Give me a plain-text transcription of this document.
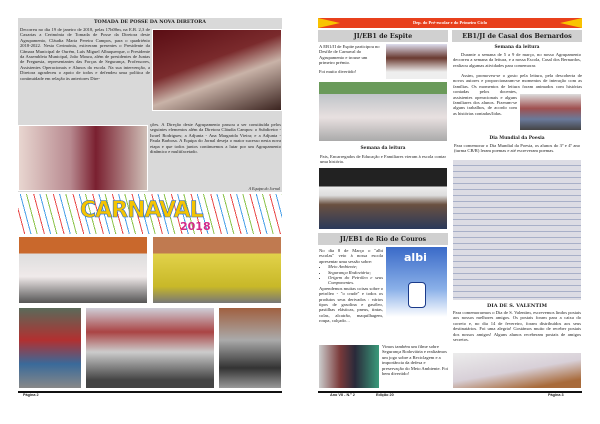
TOMADA DE POSSE DA NOVA DIRETORA
Decorreu no dia 19 de janeiro de 2018, pelas 17h00m, na E.B. 2,3 de Caxarias a Cerimónia de Tomada de Posse da Diretora deste Agrupamento, Cláudia Maria Pereira Campos, para o quadriénio 2018-2022. Nesta Cerimónia, estiveram presentes o Presidente da Câmara Municipal de Ourém, Luís Miguel Albuquerque, o Presidente da Assembleia Municipal, João Moura, além de presidentes de Juntas de Freguesia, representantes das Forças de Segurança, Professores, Assistentes Operacionais e Alunos da escola. Na sua intervenção, a Diretora agradeceu o apoio de todos e defendeu uma política de continuidade em relação às anteriores Dire-
ções. A Direção deste Agrupamento passou a ser constituída pelos seguintes elementos além da Diretora Cláudia Campos: o Subdiretor - Israel Rodrigues; a Adjunta - Ana Margarida Vieira; e a Adjunta - Paula Barbosa. A Equipa do Jornal deseja o maior sucesso nesta nova etapa e que todos juntos continuemos a lutar por um Agrupamento dinâmico e multifacetado.
A Equipa do Jornal
CARNAVAL
2018
Página 2
Dep. do Pré-escolar e do Primeiro Ciclo
JI/EB1 de Espite
A EB1/JI de Espite participou no Desfile de Carnaval do Agrupamento e trouxe um primeiro prémio.
Foi muito divertido!
Semana da leitura
Pais, Encarregados de Educação e Familiares vieram à escola contar uma história.
JI/EB1 de Rio de Couros
albi
No dia 8 de Março o "albi escolas" veio à nossa escola apresentar uma sessão sobre:
• Meio Ambiente;
• Segurança Rodoviária;
• Origem do Petróleo e seus Componentes.
Aprendemos muitas coisas sobre o petróleo - "o crude" e todos os produtos seus derivados : vários tipos de gasolina e gasóleo, pastilhas elásticas, pneus, tintas, colas, alcatrão, maquilhagem, roupa, calçado…
Vimos também um filme sobre Segurança Rodoviária e realizámos um jogo sobre a Reciclagem e a importância da defesa e preservação do Meio Ambiente. Foi bem divertido!
EB1/JI de Casal dos Bernardos
Semana da leitura
Durante a semana de 5 a 9 de março, no nosso Agrupamento decorreu a semana da leitura, e a nossa Escola, Casal dos Bernardos, realizou algumas atividades para comemorar.
Assim, promoveu-se o gosto pela leitura, pela descoberta de novos autores e proporcionaram-se momentos de interação com as famílias. Os momentos de leitura foram animados com histórias contadas pelos docentes, assistentes operacionais e alguns familiares dos alunos. Fizeram-se alguns trabalhos, de acordo com as histórias contadas/lidas.
Dia Mundial da Poesia
Para comemorar o Dia Mundial da Poesia, os alunos do 3º e 4º ano (turma CB/R) leram poemas e até escreveram poemas.
DIA DE S. VALENTIM
Para comemorarmos o Dia de S. Valentim, escrevemos lindos postais aos nossos melhores amigos. Os postais foram para a caixa do correio e, no dia 14 de fevereiro, foram distribuídos aos seus destinatários. Foi uma alegria! Gostámos muito de receber postais dos nossos amigos! Alguns alunos receberam postais de amigos secretos.
Ano VII - N.º 2	Edição 20	Página 3
